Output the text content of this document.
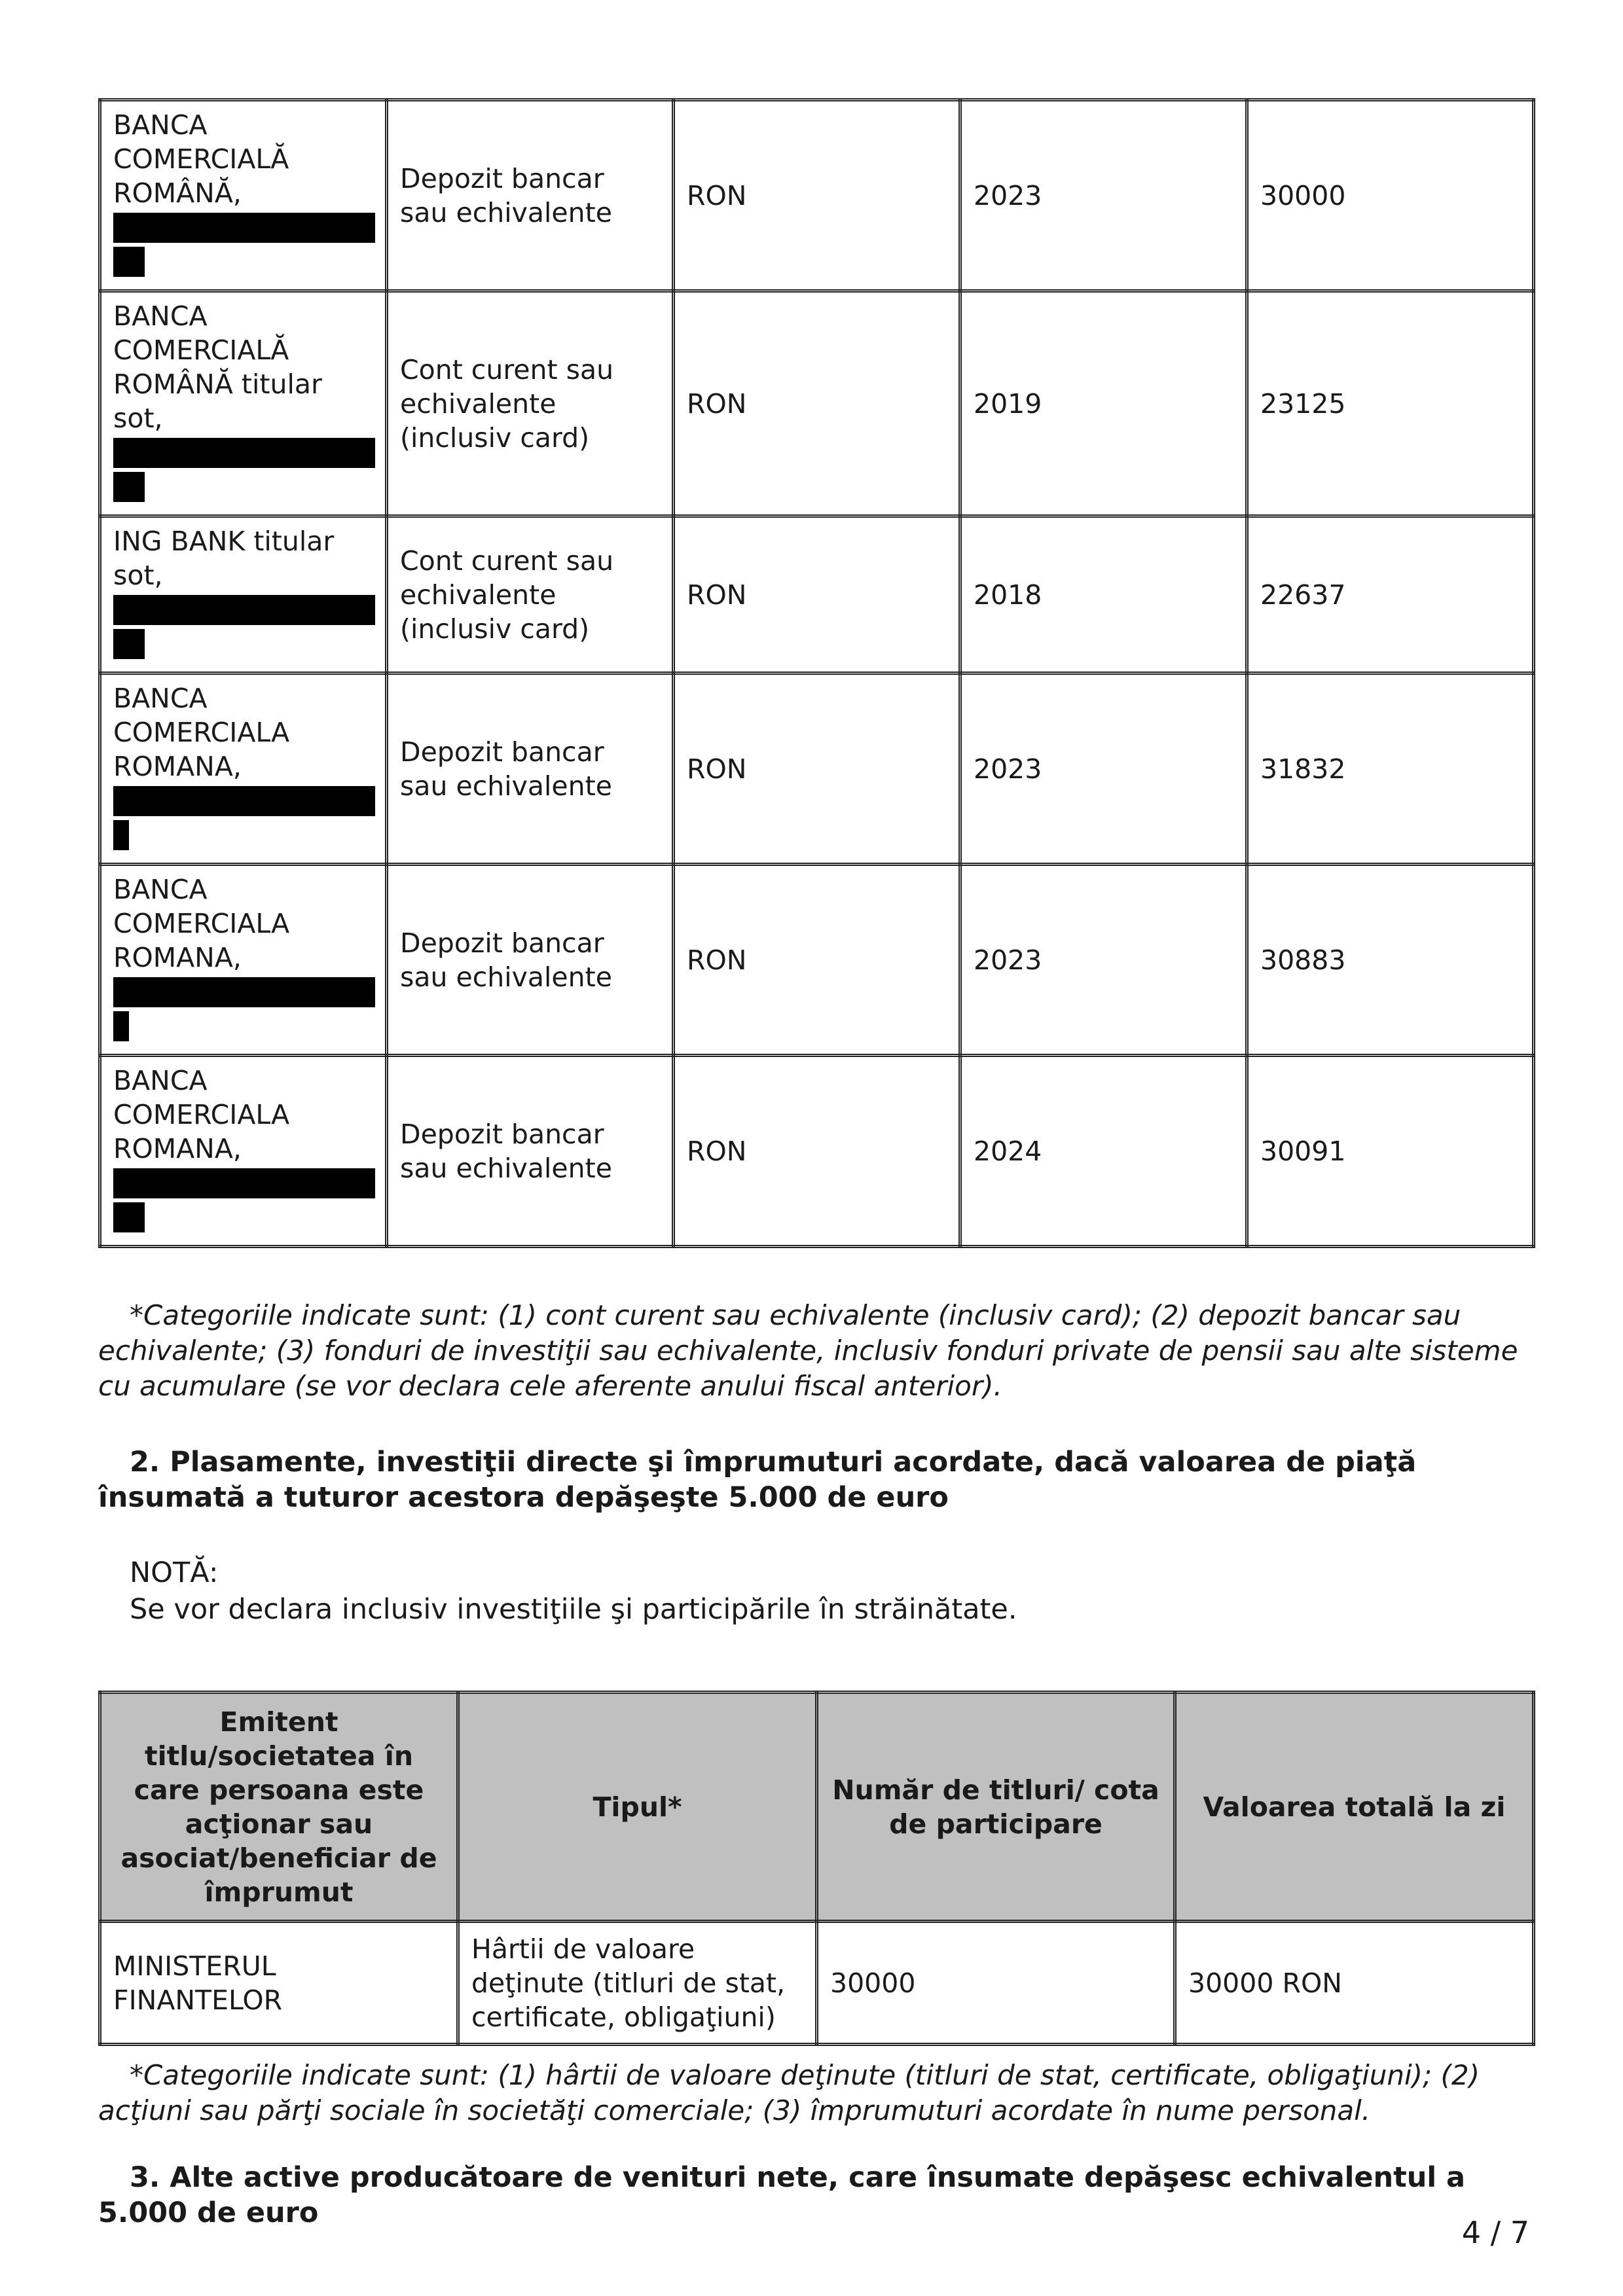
BANCA COMERCIALĂ ROMÂNĂ,	Depozit bancar sau echivalente	RON	2023	30000
BANCA COMERCIALĂ ROMÂNĂ titular sot,	Cont curent sau echivalente (inclusiv card)	RON	2019	23125
ING BANK titular sot,	Cont curent sau echivalente (inclusiv card)	RON	2018	22637
BANCA COMERCIALA ROMANA,	Depozit bancar sau echivalente	RON	2023	31832
BANCA COMERCIALA ROMANA,	Depozit bancar sau echivalente	RON	2023	30883
BANCA COMERCIALA ROMANA,	Depozit bancar sau echivalente	RON	2024	30091

*Categoriile indicate sunt: (1) cont curent sau echivalente (inclusiv card); (2) depozit bancar sau echivalente; (3) fonduri de investiţii sau echivalente, inclusiv fonduri private de pensii sau alte sisteme cu acumulare (se vor declara cele aferente anului fiscal anterior).

2. Plasamente, investiţii directe şi împrumuturi acordate, dacă valoarea de piaţă însumată a tuturor acestora depăşeşte 5.000 de euro

NOTĂ:
Se vor declara inclusiv investiţiile şi participările în străinătate.
Emitent titlu/societatea în care persoana este acţionar sau asociat/beneficiar de împrumut	Tipul*	Număr de titluri/ cota de participare	Valoarea totală la zi
MINISTERUL FINANTELOR	Hârtii de valoare deţinute (titluri de stat, certificate, obligaţiuni)	30000	30000 RON

*Categoriile indicate sunt: (1) hârtii de valoare deţinute (titluri de stat, certificate, obligaţiuni); (2) acţiuni sau părţi sociale în societăţi comerciale; (3) împrumuturi acordate în nume personal.

3. Alte active producătoare de venituri nete, care însumate depăşesc echivalentul a 5.000 de euro

4 / 7
